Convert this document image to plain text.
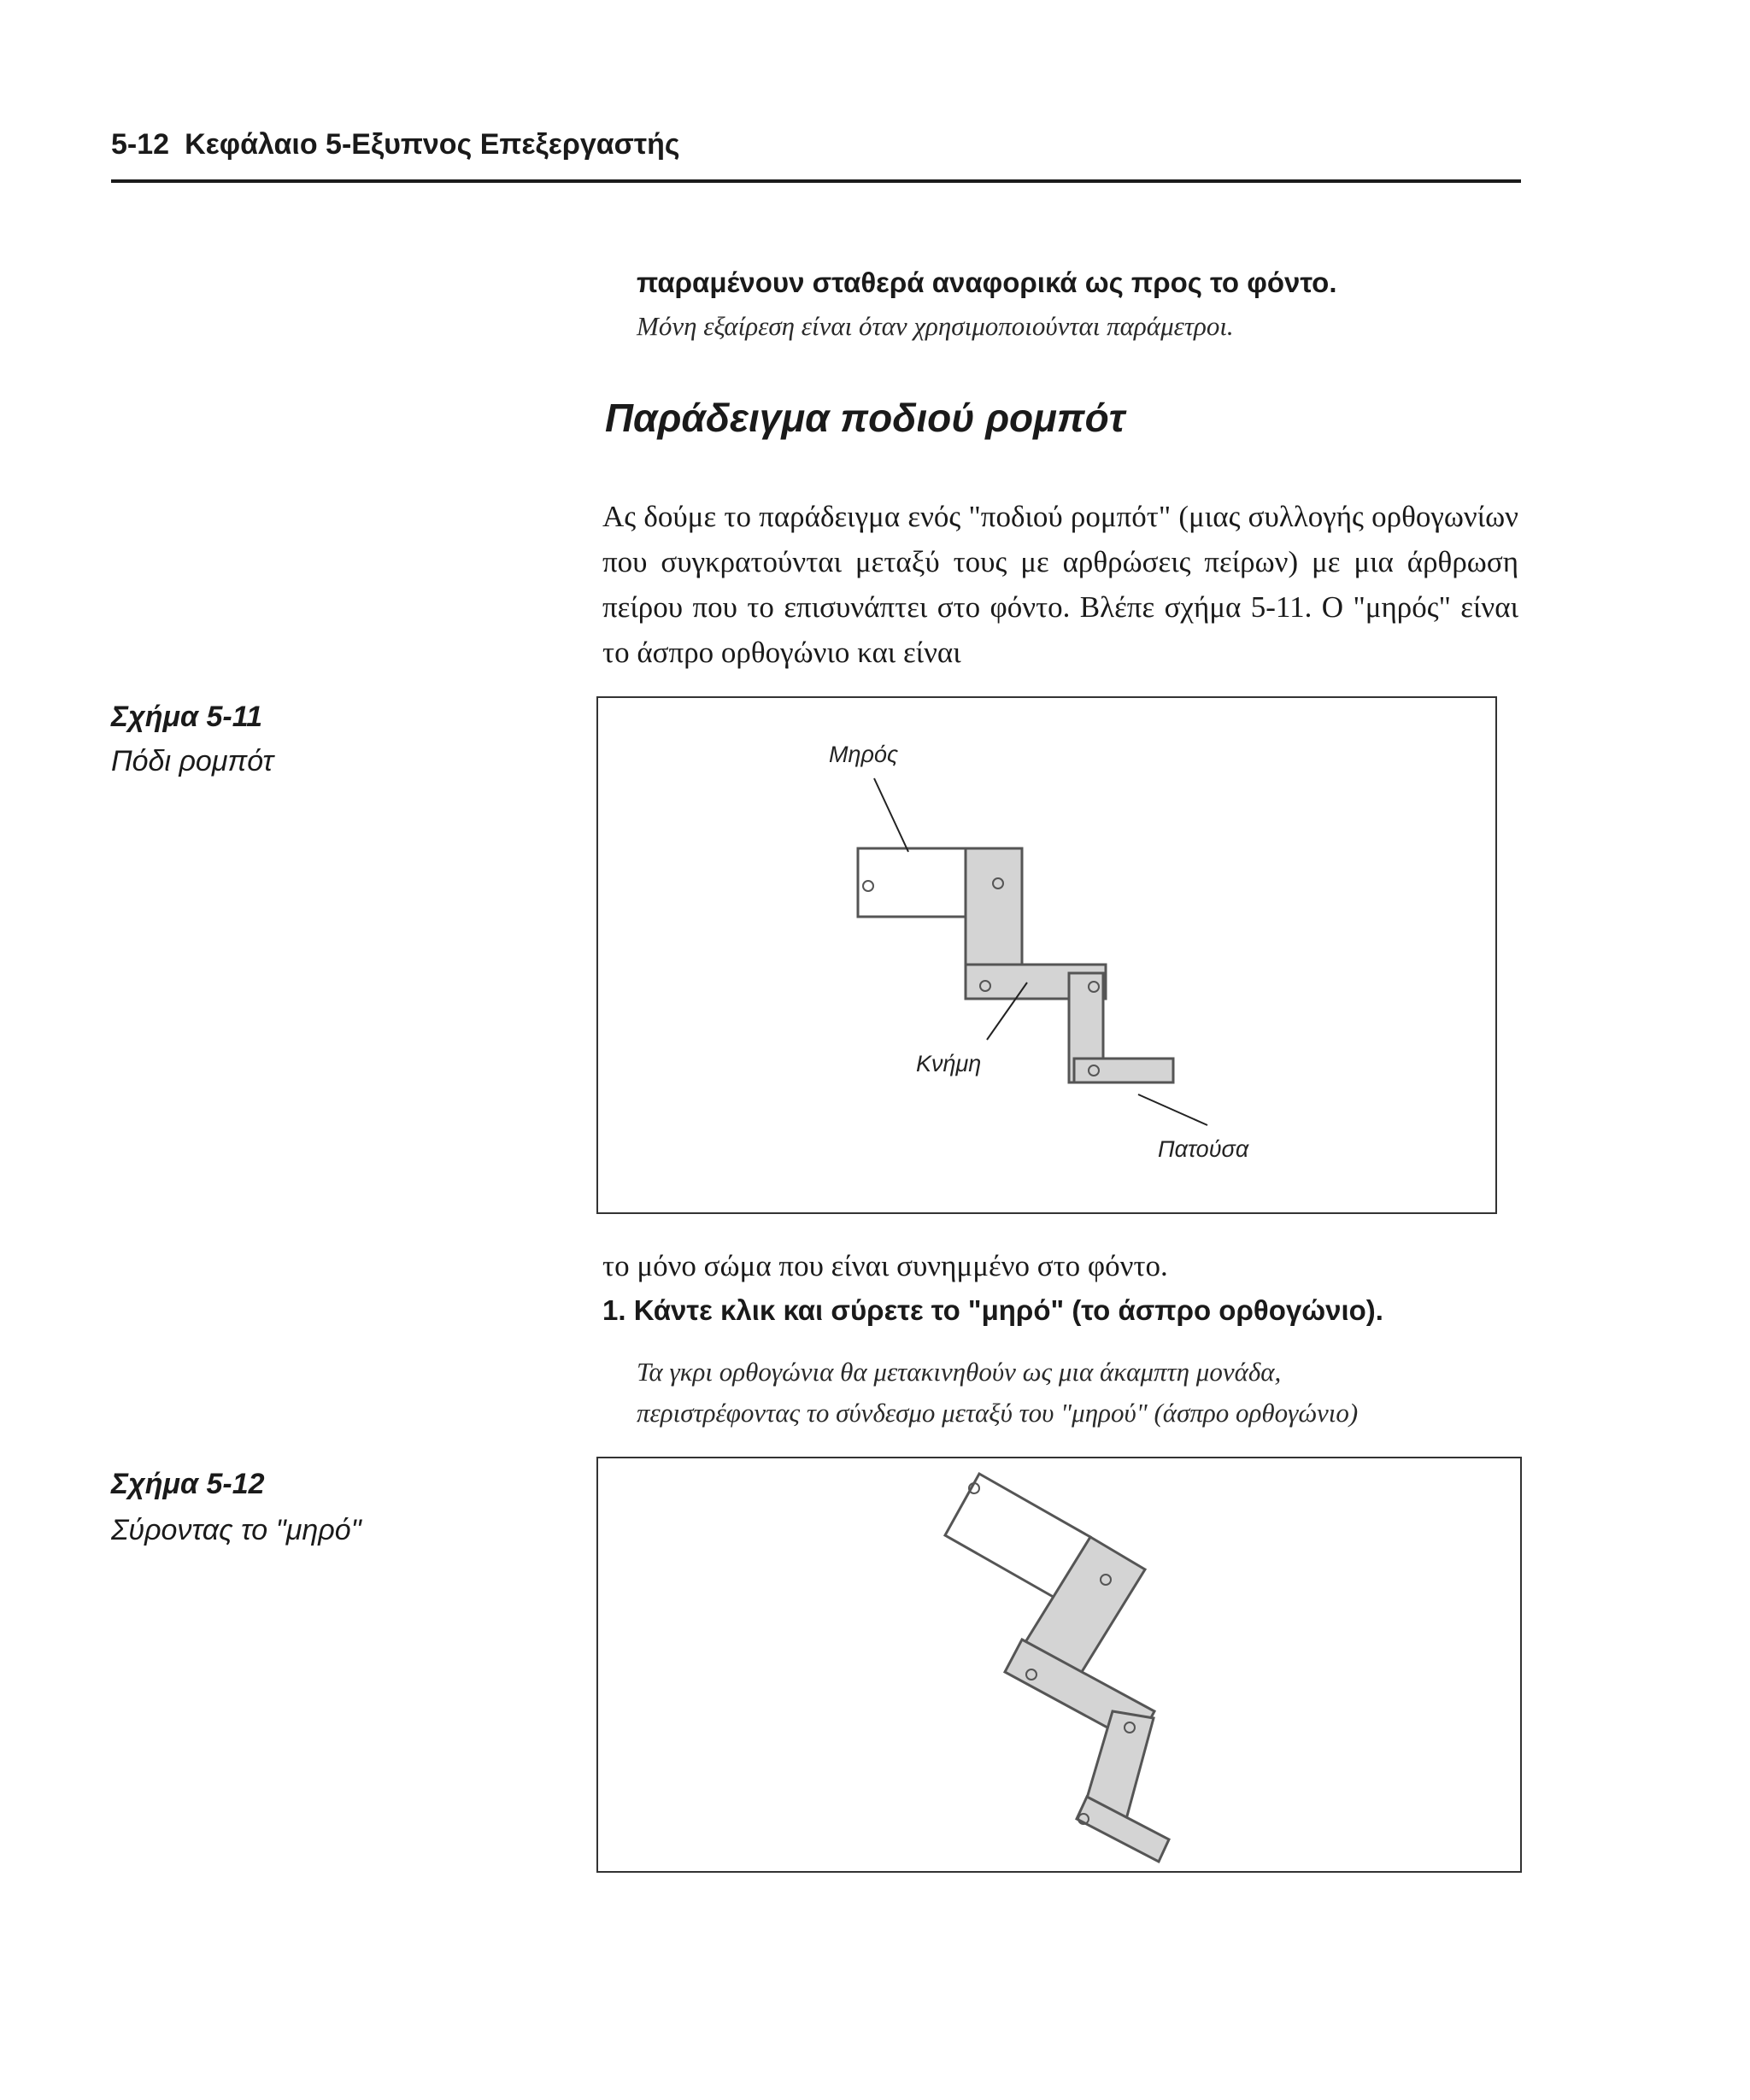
5-12 Κεφάλαιο 5-Εξυπνος Επεξεργαστής
παραμένουν σταθερά αναφορικά ως προς το φόντο.
Μόνη εξαίρεση είναι όταν χρησιμοποιούνται παράμετροι.
Παράδειγμα ποδιού ρομπότ
Ας δούμε το παράδειγμα ενός "ποδιού ρομπότ" (μιας συλλογής ορθογωνίων που συγκρατούνται μεταξύ τους με αρθρώσεις πείρων) με μια άρθρωση πείρου που το επισυνάπτει στο φόντο. Βλέπε σχήμα 5-11. Ο "μηρός" είναι το άσπρο ορθογώνιο και είναι
Σχήμα 5-11
Πόδι ρομπότ	Μηρός
Κνήμη
Πατούσα
το μόνο σώμα που είναι συνημμένο στο φόντο.
1. Κάντε κλικ και σύρετε το "μηρό" (το άσπρο ορθογώνιο).
Τα γκρι ορθογώνια θα μετακινηθούν ως μια άκαμπτη μονάδα,
περιστρέφοντας το σύνδεσμο μεταξύ του "μηρού" (άσπρο ορθογώνιο)
Σχήμα 5-12
Σύροντας το "μηρό"
